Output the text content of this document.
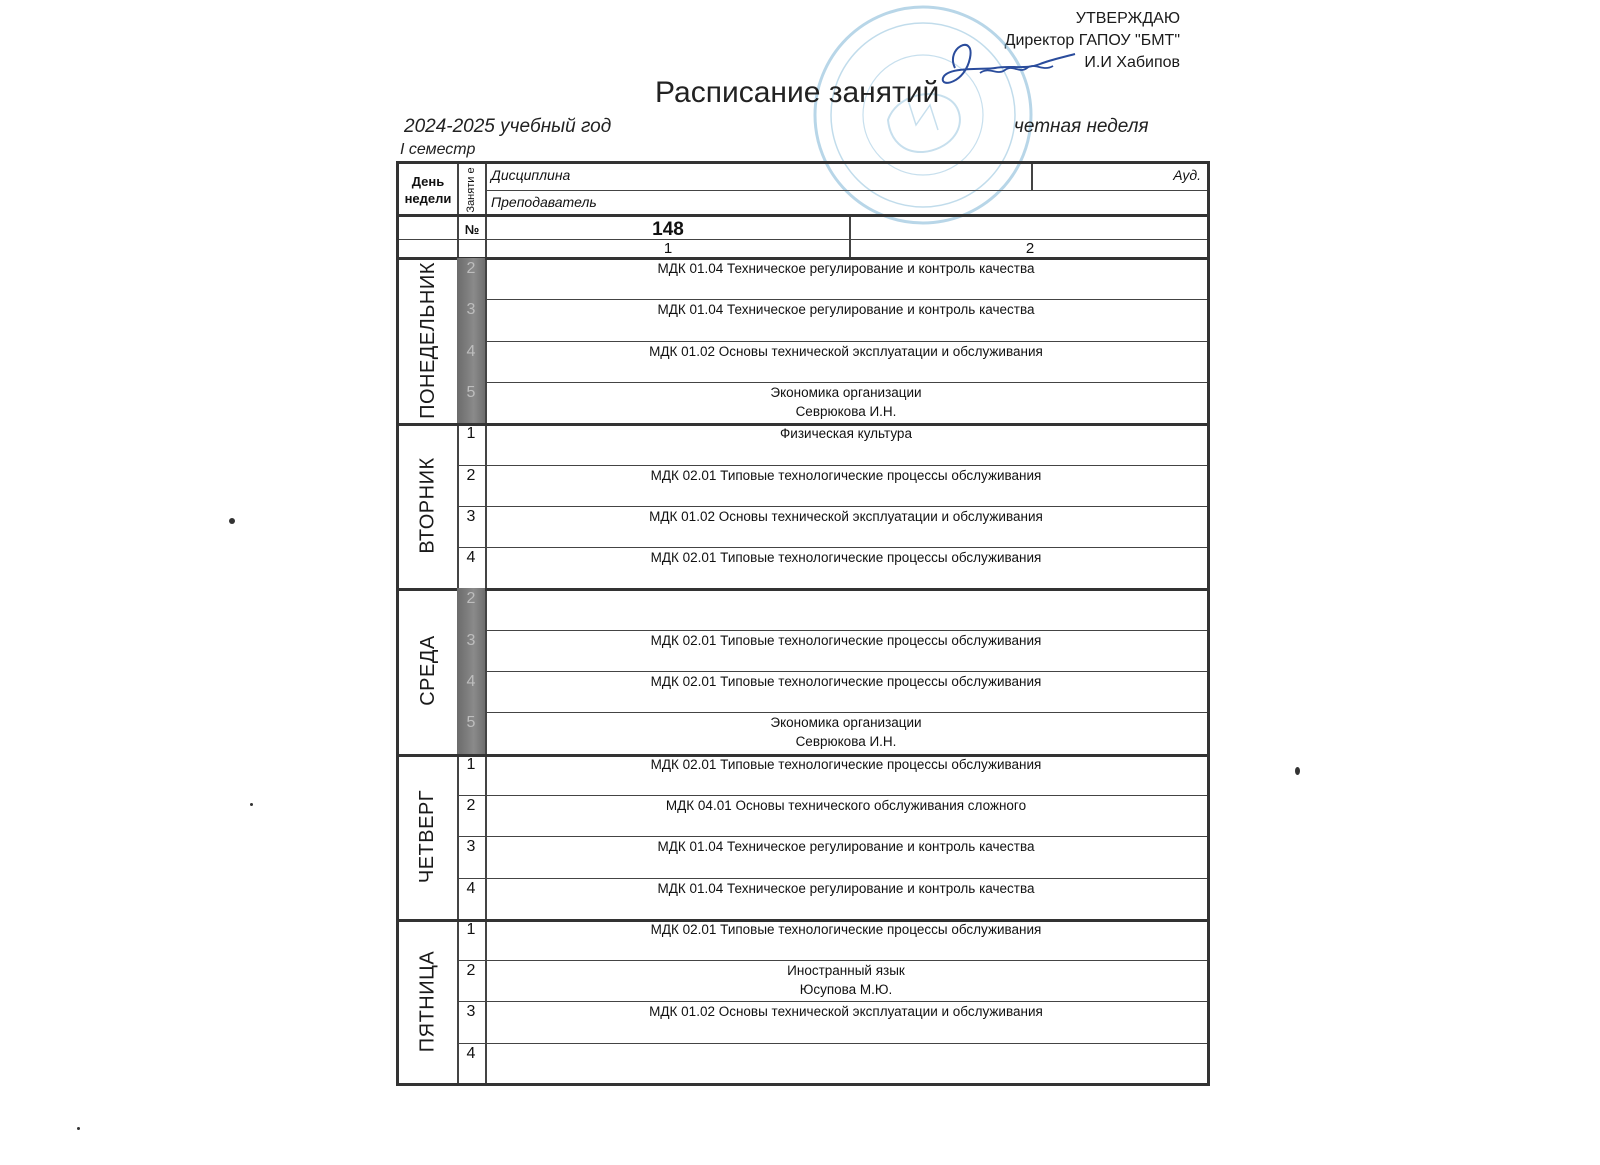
УТВЕРЖДАЮ
Директор ГАПОУ "БМТ"
И.И Хабипов
Расписание занятий
2024-2025 учебный год	четная неделя
I семестр
День
недели	Заняти е Дисциплина	Ауд.
Преподаватель
№	148
1	2
ПОНЕДЕЛЬНИК	2	МДК 01.04 Техническое регулирование и контроль качества
3	МДК 01.04 Техническое регулирование и контроль качества
4	МДК 01.02 Основы технической эксплуатации и обслуживания
5	Экономика организации
Севрюкова И.Н.
ВТОРНИК
1	Физическая культура
2	МДК 02.01 Типовые технологические процессы обслуживания
3	МДК 01.02 Основы технической эксплуатации и обслуживания
4	МДК 02.01 Типовые технологические процессы обслуживания
СРЕДА
2
3	МДК 02.01 Типовые технологические процессы обслуживания
4	МДК 02.01 Типовые технологические процессы обслуживания
5	Экономика организации
Севрюкова И.Н.
ЧЕТВЕРГ
1	МДК 02.01 Типовые технологические процессы обслуживания
2	МДК 04.01 Основы технического обслуживания сложного
3	МДК 01.04 Техническое регулирование и контроль качества
4	МДК 01.04 Техническое регулирование и контроль качества
ПЯТНИЦА
1	МДК 02.01 Типовые технологические процессы обслуживания
2	Иностранный язык
Юсупова М.Ю.
3	МДК 01.02 Основы технической эксплуатации и обслуживания
4
